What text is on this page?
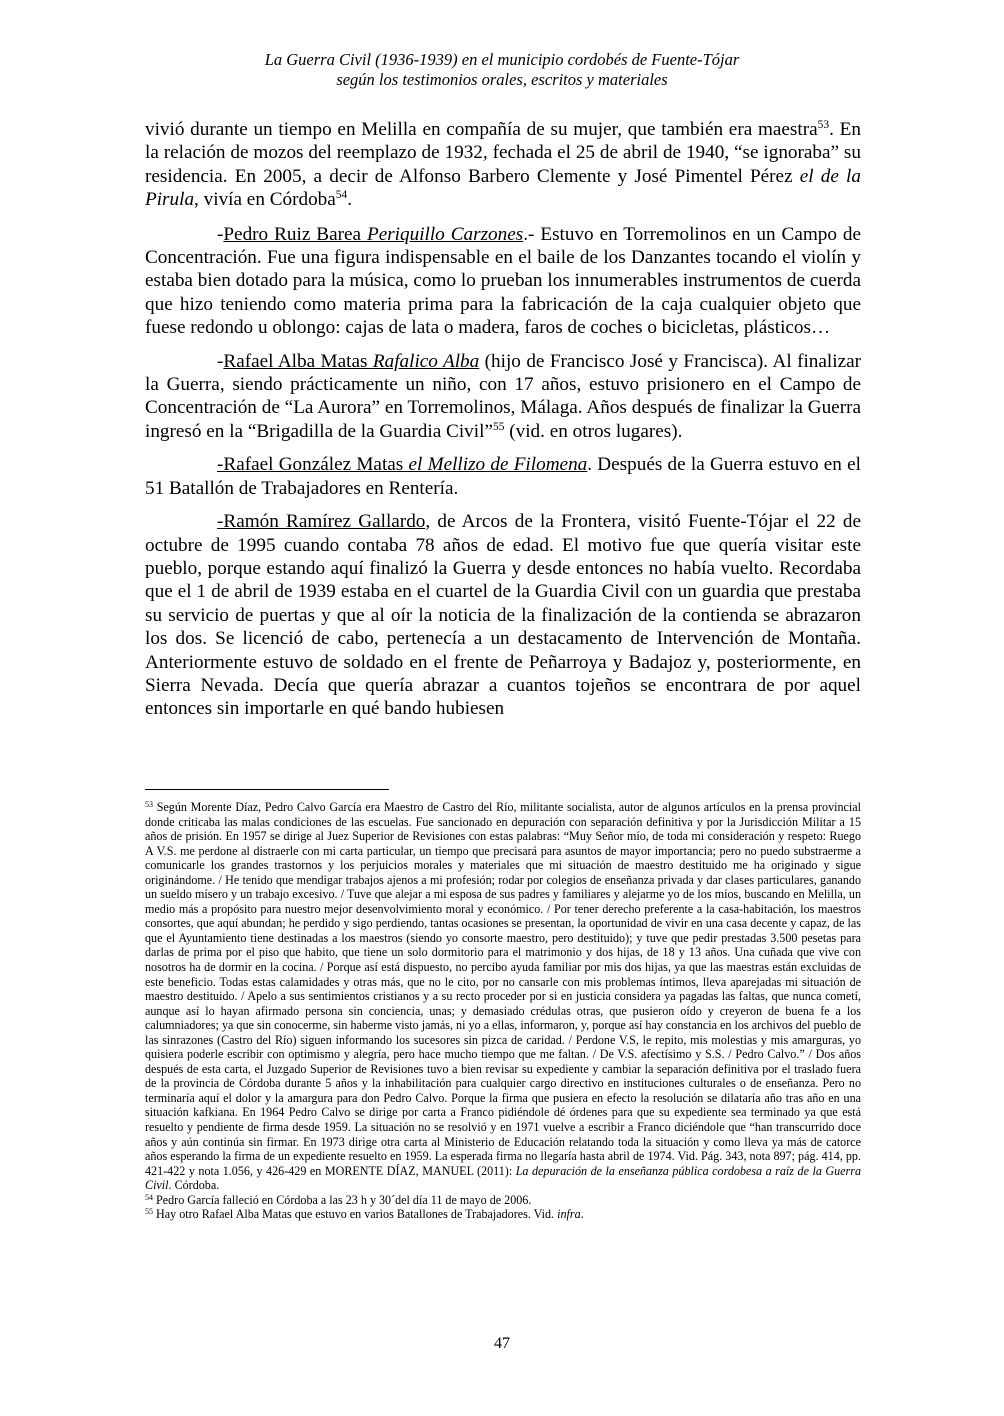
La Guerra Civil (1936-1939) en el municipio cordobés de Fuente-Tójar
según los testimonios orales, escritos y materiales

vivió durante un tiempo en Melilla en compañía de su mujer, que también era maestra$^{53}$. En la relación de mozos del reemplazo de 1932, fechada el 25 de abril de 1940, “se ignoraba” su residencia. En 2005, a decir de Alfonso Barbero Clemente y José Pimentel Pérez el de la Pirula, vivía en Córdoba$^{54}$.

-Pedro Ruiz Barea Periquillo Carzones.- Estuvo en Torremolinos en un Campo de Concentración. Fue una figura indispensable en el baile de los Danzantes tocando el violín y estaba bien dotado para la música, como lo prueban los innumerables instrumentos de cuerda que hizo teniendo como materia prima para la fabricación de la caja cualquier objeto que fuese redondo u oblongo: cajas de lata o madera, faros de coches o bicicletas, plásticos…

-Rafael Alba Matas Rafalico Alba (hijo de Francisco José y Francisca). Al finalizar la Guerra, siendo prácticamente un niño, con 17 años, estuvo prisionero en el Campo de Concentración de “La Aurora” en Torremolinos, Málaga. Años después de finalizar la Guerra ingresó en la “Brigadilla de la Guardia Civil”$^{55}$ (vid. en otros lugares).

-Rafael González Matas el Mellizo de Filomena. Después de la Guerra estuvo en el 51 Batallón de Trabajadores en Rentería.

-Ramón Ramírez Gallardo, de Arcos de la Frontera, visitó Fuente-Tójar el 22 de octubre de 1995 cuando contaba 78 años de edad. El motivo fue que quería visitar este pueblo, porque estando aquí finalizó la Guerra y desde entonces no había vuelto. Recordaba que el 1 de abril de 1939 estaba en el cuartel de la Guardia Civil con un guardia que prestaba su servicio de puertas y que al oír la noticia de la finalización de la contienda se abrazaron los dos. Se licenció de cabo, pertenecía a un destacamento de Intervención de Montaña. Anteriormente estuvo de soldado en el frente de Peñarroya y Badajoz y, posteriormente, en Sierra Nevada. Decía que quería abrazar a cuantos tojeños se encontrara de por aquel entonces sin importarle en qué bando hubiesen

$^{53}$ Según Morente Díaz, Pedro Calvo García era Maestro de Castro del Río, militante socialista, autor de algunos artículos en la prensa provincial donde criticaba las malas condiciones de las escuelas. Fue sancionado en depuración con separación definitiva y por la Jurisdicción Militar a 15 años de prisión. En 1957 se dirige al Juez Superior de Revisiones con estas palabras: “Muy Señor mío, de toda mi consideración y respeto: Ruego A V.S. me perdone al distraerle con mi carta particular, un tiempo que precisará para asuntos de mayor importancia; pero no puedo substraerme a comunicarle los grandes trastornos y los perjuicios morales y materiales que mi situación de maestro destituido me ha originado y sigue originándome. / He tenido que mendigar trabajos ajenos a mi profesión; rodar por colegios de enseñanza privada y dar clases particulares, ganando un sueldo mísero y un trabajo excesivo. / Tuve que alejar a mi esposa de sus padres y familiares y alejarme yo de los míos, buscando en Melilla, un medio más a propósito para nuestro mejor desenvolvimiento moral y económico. / Por tener derecho preferente a la casa-habitación, los maestros consortes, que aquí abundan; he perdido y sigo perdiendo, tantas ocasiones se presentan, la oportunidad de vivir en una casa decente y capaz, de las que el Ayuntamiento tiene destinadas a los maestros (siendo yo consorte maestro, pero destituido); y tuve que pedir prestadas 3.500 pesetas para darlas de prima por el piso que habito, que tiene un solo dormitorio para el matrimonio y dos hijas, de 18 y 13 años. Una cuñada que vive con nosotros ha de dormir en la cocina. / Porque así está dispuesto, no percibo ayuda familiar por mis dos hijas, ya que las maestras están excluidas de este beneficio. Todas estas calamidades y otras más, que no le cito, por no cansarle con mis problemas íntimos, lleva aparejadas mi situación de maestro destituido. / Apelo a sus sentimientos cristianos y a su recto proceder por si en justicia considera ya pagadas las faltas, que nunca cometí, aunque así lo hayan afirmado persona sin conciencia, unas; y demasiado crédulas otras, que pusieron oído y creyeron de buena fe a los calumniadores; ya que sin conocerme, sin haberme visto jamás, ni yo a ellas, informaron, y, porque así hay constancia en los archivos del pueblo de las sinrazones (Castro del Río) siguen informando los sucesores sin pizca de caridad. / Perdone V.S, le repito, mis molestias y mis amarguras, yo quisiera poderle escribir con optimismo y alegría, pero hace mucho tiempo que me faltan. / De V.S. afectísimo y S.S. / Pedro Calvo.” / Dos años después de esta carta, el Juzgado Superior de Revisiones tuvo a bien revisar su expediente y cambiar la separación definitiva por el traslado fuera de la provincia de Córdoba durante 5 años y la inhabilitación para cualquier cargo directivo en instituciones culturales o de enseñanza. Pero no terminaría aquí el dolor y la amargura para don Pedro Calvo. Porque la firma que pusiera en efecto la resolución se dilataría año tras año en una situación kafkiana. En 1964 Pedro Calvo se dirige por carta a Franco pidiéndole dé órdenes para que su expediente sea terminado ya que está resuelto y pendiente de firma desde 1959. La situación no se resolvió y en 1971 vuelve a escribir a Franco diciéndole que “han transcurrido doce años y aún continúa sin firmar. En 1973 dirige otra carta al Ministerio de Educación relatando toda la situación y como lleva ya más de catorce años esperando la firma de un expediente resuelto en 1959. La esperada firma no llegaría hasta abril de 1974. Vid. Pág. 343, nota 897; pág. 414, pp. 421-422 y nota 1.056, y 426-429 en MORENTE DÍAZ, MANUEL (2011): La depuración de la enseñanza pública cordobesa a raíz de la Guerra Civil. Córdoba.

$^{54}$ Pedro García falleció en Córdoba a las 23 h y 30´del día 11 de mayo de 2006.

$^{55}$ Hay otro Rafael Alba Matas que estuvo en varios Batallones de Trabajadores. Vid. infra.

47
